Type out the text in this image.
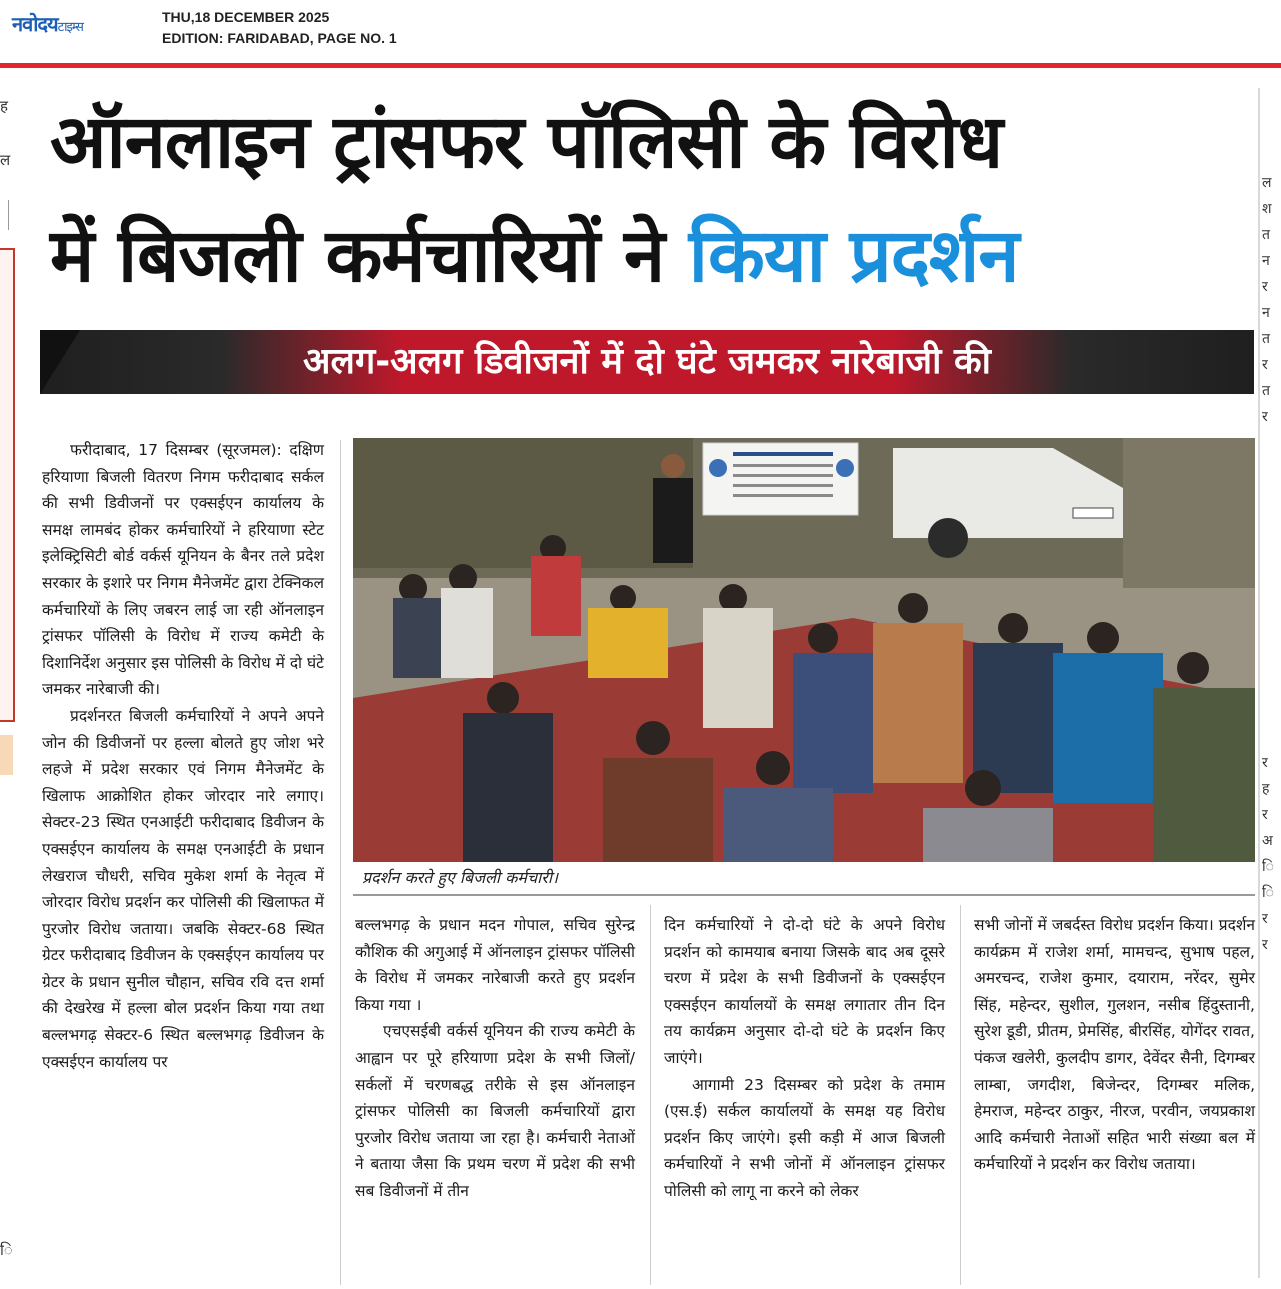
नवोदयटाइम्स
THU,18 DECEMBER 2025
EDITION: FARIDABAD, PAGE NO. 1
ह
ल
ि
ल
श
त
न
र
न
त
र
त
र
र
ह
र
अ
ि
ि
र
र
ऑनलाइन ट्रांसफर पॉलिसी के विरोध
में बिजली कर्मचारियों ने किया प्रदर्शन
अलग-अलग डिवीजनों में दो घंटे जमकर नारेबाजी की
प्रदर्शन करते हुए बिजली कर्मचारी।

फरीदाबाद, 17 दिसम्बर (सूरजमल): दक्षिण हरियाणा बिजली वितरण निगम फरीदाबाद सर्कल की सभी डिवीजनों पर एक्सईएन कार्यालय के समक्ष लामबंद होकर कर्मचारियों ने हरियाणा स्टेट इलेक्ट्रिसिटी बोर्ड वर्कर्स यूनियन के बैनर तले प्रदेश सरकार के इशारे पर निगम मैनेजमेंट द्वारा टेक्निकल कर्मचारियों के लिए जबरन लाई जा रही ऑनलाइन ट्रांसफर पॉलिसी के विरोध में राज्य कमेटी के दिशानिर्देश अनुसार इस पोलिसी के विरोध में दो घंटे जमकर नारेबाजी की।

प्रदर्शनरत बिजली कर्मचारियों ने अपने अपने जोन की डिवीजनों पर हल्ला बोलते हुए जोश भरे लहजे में प्रदेश सरकार एवं निगम मैनेजमेंट के खिलाफ आक्रोशित होकर जोरदार नारे लगाए। सेक्टर-23 स्थित एनआईटी फरीदाबाद डिवीजन के एक्सईएन कार्यालय के समक्ष एनआईटी के प्रधान लेखराज चौधरी, सचिव मुकेश शर्मा के नेतृत्व में जोरदार विरोध प्रदर्शन कर पोलिसी की खिलाफत में पुरजोर विरोध जताया। जबकि सेक्टर-68 स्थित ग्रेटर फरीदाबाद डिवीजन के एक्सईएन कार्यालय पर ग्रेटर के प्रधान सुनील चौहान, सचिव रवि दत्त शर्मा की देखरेख में हल्ला बोल प्रदर्शन किया गया तथा बल्लभगढ़ सेक्टर-6 स्थित बल्लभगढ़ डिवीजन के एक्सईएन कार्यालय पर

बल्लभगढ़ के प्रधान मदन गोपाल, सचिव सुरेन्द्र कौशिक की अगुआई में ऑनलाइन ट्रांसफर पॉलिसी के विरोध में जमकर नारेबाजी करते हुए प्रदर्शन किया गया ।

एचएसईबी वर्कर्स यूनियन की राज्य कमेटी के आह्वान पर पूरे हरियाणा प्रदेश के सभी जिलों/सर्कलों में चरणबद्ध तरीके से इस ऑनलाइन ट्रांसफर पोलिसी का बिजली कर्मचारियों द्वारा पुरजोर विरोध जताया जा रहा है। कर्मचारी नेताओं ने बताया जैसा कि प्रथम चरण में प्रदेश की सभी सब डिवीजनों में तीन

दिन कर्मचारियों ने दो-दो घंटे के अपने विरोध प्रदर्शन को कामयाब बनाया जिसके बाद अब दूसरे चरण में प्रदेश के सभी डिवीजनों के एक्सईएन एक्सईएन कार्यालयों के समक्ष लगातार तीन दिन तय कार्यक्रम अनुसार दो-दो घंटे के प्रदर्शन किए जाएंगे।

आगामी 23 दिसम्बर को प्रदेश के तमाम (एस.ई) सर्कल कार्यालयों के समक्ष यह विरोध प्रदर्शन किए जाएंगे। इसी कड़ी में आज बिजली कर्मचारियों ने सभी जोनों में ऑनलाइन ट्रांसफर पोलिसी को लागू ना करने को लेकर

सभी जोनों में जबर्दस्त विरोध प्रदर्शन किया। प्रदर्शन कार्यक्रम में राजेश शर्मा, मामचन्द, सुभाष पहल, अमरचन्द, राजेश कुमार, दयाराम, नरेंदर, सुमेर सिंह, महेन्दर, सुशील, गुलशन, नसीब हिंदुस्तानी, सुरेश डूडी, प्रीतम, प्रेमसिंह, बीरसिंह, योगेंदर रावत, पंकज खलेरी, कुलदीप डागर, देवेंदर सैनी, दिगम्बर लाम्बा, जगदीश, बिजेन्दर, दिगम्बर मलिक, हेमराज, महेन्दर ठाकुर, नीरज, परवीन, जयप्रकाश आदि कर्मचारी नेताओं सहित भारी संख्या बल में कर्मचारियों ने प्रदर्शन कर विरोध जताया।
